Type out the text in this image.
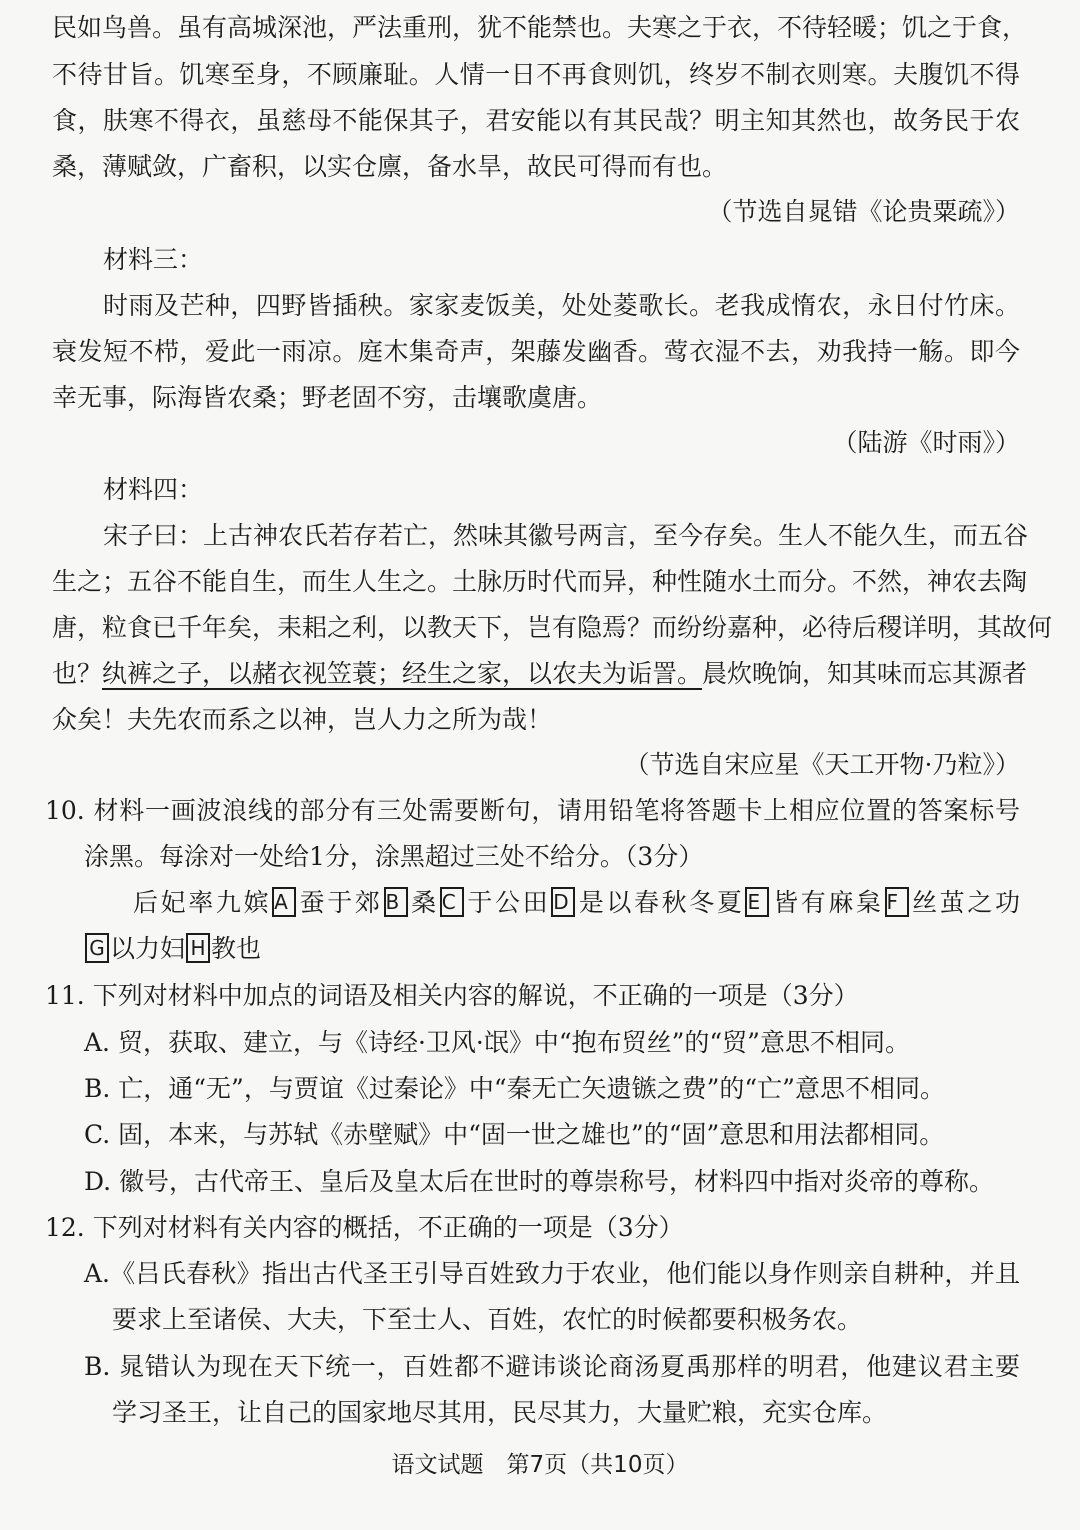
民如鸟兽。虽有高城深池，严法重刑，犹不能禁也。夫寒之于衣，不待轻暖；饥之于食，
不待甘旨。饥寒至身，不顾廉耻。人情一日不再食则饥，终岁不制衣则寒。夫腹饥不得
食，肤寒不得衣，虽慈母不能保其子，君安能以有其民哉？明主知其然也，故务民于农
桑，薄赋敛，广畜积，以实仓廪，备水旱，故民可得而有也。
（节选自晁错《论贵粟疏》）
材料三：
时雨及芒种，四野皆插秧。家家麦饭美，处处菱歌长。老我成惰农，永日付竹床。
衰发短不栉，爱此一雨凉。庭木集奇声，架藤发幽香。莺衣湿不去，劝我持一觞。即今
幸无事，际海皆农桑；野老固不穷，击壤歌虞唐。
（陆游《时雨》）
材料四：
宋子曰：上古神农氏若存若亡，然味其徽号两言，至今存矣。生人不能久生，而五谷
生之；五谷不能自生，而生人生之。土脉历时代而异，种性随水土而分。不然，神农去陶
唐，粒食已千年矣，耒耜之利，以教天下，岂有隐焉？而纷纷嘉种，必待后稷详明，其故何
也？纨裤之子，以赭衣视笠蓑；经生之家，以农夫为诟詈。晨炊晚饷，知其味而忘其源者
众矣！夫先农而系之以神，岂人力之所为哉！
（节选自宋应星《天工开物·乃粒》）
10. 材料一画波浪线的部分有三处需要断句，请用铅笔将答题卡上相应位置的答案标号
涂黑。每涂对一处给1分，涂黑超过三处不给分。（3分）
后妃率九嫔 A 蚕于郊 B 桑 C 于公田 D 是以春秋冬夏 E 皆有麻枲 F 丝茧之功
G 以力妇 H 教也
11. 下列对材料中加点的词语及相关内容的解说，不正确的一项是（3分）
A. 贸，获取、建立，与《诗经·卫风·氓》中“抱布贸丝”的“贸”意思不相同。
B. 亡，通“无”，与贾谊《过秦论》中“秦无亡矢遗镞之费”的“亡”意思不相同。
C. 固，本来，与苏轼《赤壁赋》中“固一世之雄也”的“固”意思和用法都相同。
D. 徽号，古代帝王、皇后及皇太后在世时的尊崇称号，材料四中指对炎帝的尊称。
12. 下列对材料有关内容的概括，不正确的一项是（3分）
A.《吕氏春秋》指出古代圣王引导百姓致力于农业，他们能以身作则亲自耕种，并且
要求上至诸侯、大夫，下至士人、百姓，农忙的时候都要积极务农。
B. 晁错认为现在天下统一，百姓都不避讳谈论商汤夏禹那样的明君，他建议君主要
学习圣王，让自己的国家地尽其用，民尽其力，大量贮粮，充实仓库。
语文试题　第7页（共10页）
